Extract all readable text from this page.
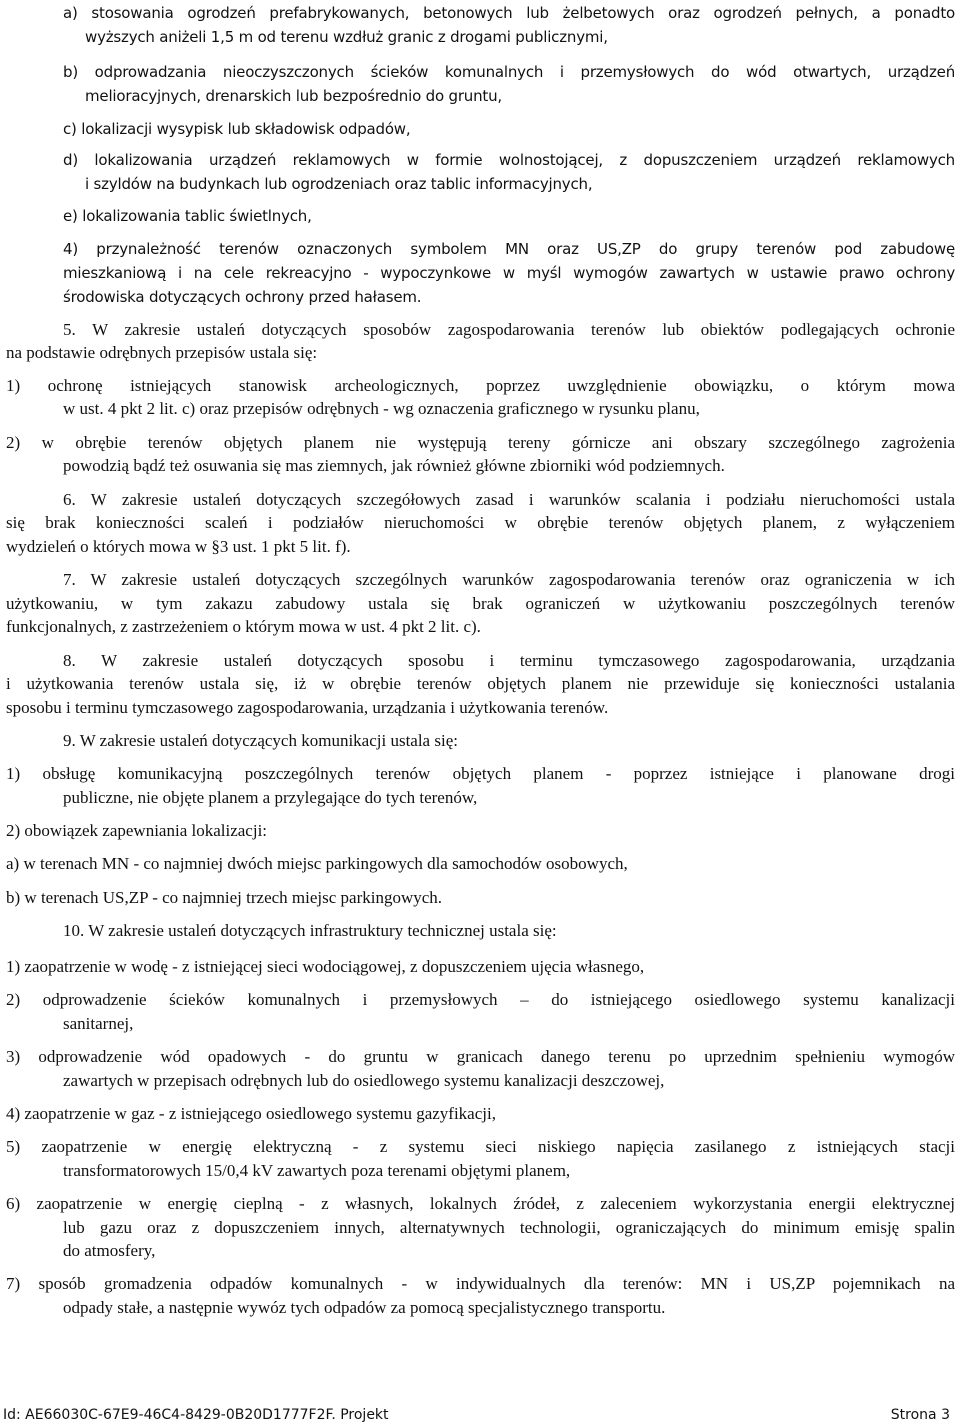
a) stosowania ogrodzeń prefabrykowanych, betonowych lub żelbetowych oraz ogrodzeń pełnych, a ponadto
wyższych aniżeli 1,5 m od terenu wzdłuż granic z drogami publicznymi,
b) odprowadzania nieoczyszczonych ścieków komunalnych i przemysłowych do wód otwartych, urządzeń
melioracyjnych, drenarskich lub bezpośrednio do gruntu,
c) lokalizacji wysypisk lub składowisk odpadów,
d) lokalizowania urządzeń reklamowych w formie wolnostojącej, z dopuszczeniem urządzeń reklamowych
i szyldów na budynkach lub ogrodzeniach oraz tablic informacyjnych,
e) lokalizowania tablic świetlnych,
4) przynależność terenów oznaczonych symbolem MN oraz US,ZP do grupy terenów pod zabudowę
mieszkaniową i na cele rekreacyjno - wypoczynkowe w myśl wymogów zawartych w ustawie prawo ochrony
środowiska dotyczących ochrony przed hałasem.
5. W zakresie ustaleń dotyczących sposobów zagospodarowania terenów lub obiektów podlegających ochronie
na podstawie odrębnych przepisów ustala się:
1) ochronę istniejących stanowisk archeologicznych, poprzez uwzględnienie obowiązku, o którym mowa
w ust. 4 pkt 2 lit. c) oraz przepisów odrębnych - wg oznaczenia graficznego w rysunku planu,
2) w obrębie terenów objętych planem nie występują tereny górnicze ani obszary szczególnego zagrożenia
powodzią bądź też osuwania się mas ziemnych, jak również główne zbiorniki wód podziemnych.
6. W zakresie ustaleń dotyczących szczegółowych zasad i warunków scalania i podziału nieruchomości ustala
się brak konieczności scaleń i podziałów nieruchomości w obrębie terenów objętych planem, z wyłączeniem
wydzieleń o których mowa w §3 ust. 1 pkt 5 lit. f).
7. W zakresie ustaleń dotyczących szczególnych warunków zagospodarowania terenów oraz ograniczenia w ich
użytkowaniu, w tym zakazu zabudowy ustala się brak ograniczeń w użytkowaniu poszczególnych terenów
funkcjonalnych, z zastrzeżeniem o którym mowa w ust. 4 pkt 2 lit. c).
8. W zakresie ustaleń dotyczących sposobu i terminu tymczasowego zagospodarowania, urządzania
i użytkowania terenów ustala się, iż w obrębie terenów objętych planem nie przewiduje się konieczności ustalania
sposobu i terminu tymczasowego zagospodarowania, urządzania i użytkowania terenów.
9. W zakresie ustaleń dotyczących komunikacji ustala się:
1) obsługę komunikacyjną poszczególnych terenów objętych planem - poprzez istniejące i planowane drogi
publiczne, nie objęte planem a przylegające do tych terenów,
2) obowiązek zapewniania lokalizacji:
a) w terenach MN - co najmniej dwóch miejsc parkingowych dla samochodów osobowych,
b) w terenach US,ZP - co najmniej trzech miejsc parkingowych.
10. W zakresie ustaleń dotyczących infrastruktury technicznej ustala się:
1) zaopatrzenie w wodę - z istniejącej sieci wodociągowej, z dopuszczeniem ujęcia własnego,
2) odprowadzenie ścieków komunalnych i przemysłowych – do istniejącego osiedlowego systemu kanalizacji
sanitarnej,
3) odprowadzenie wód opadowych - do gruntu w granicach danego terenu po uprzednim spełnieniu wymogów
zawartych w przepisach odrębnych lub do osiedlowego systemu kanalizacji deszczowej,
4) zaopatrzenie w gaz - z istniejącego osiedlowego systemu gazyfikacji,
5) zaopatrzenie w energię elektryczną - z systemu sieci niskiego napięcia zasilanego z istniejących stacji
transformatorowych 15/0,4 kV zawartych poza terenami objętymi planem,
6) zaopatrzenie w energię cieplną - z własnych, lokalnych źródeł, z zaleceniem wykorzystania energii elektrycznej
lub gazu oraz z dopuszczeniem innych, alternatywnych technologii, ograniczających do minimum emisję spalin
do atmosfery,
7) sposób gromadzenia odpadów komunalnych - w indywidualnych dla terenów: MN i US,ZP pojemnikach na
odpady stałe, a następnie wywóz tych odpadów za pomocą specjalistycznego transportu.
Id: AE66030C-67E9-46C4-8429-0B20D1777F2F. Projekt	Strona 3
